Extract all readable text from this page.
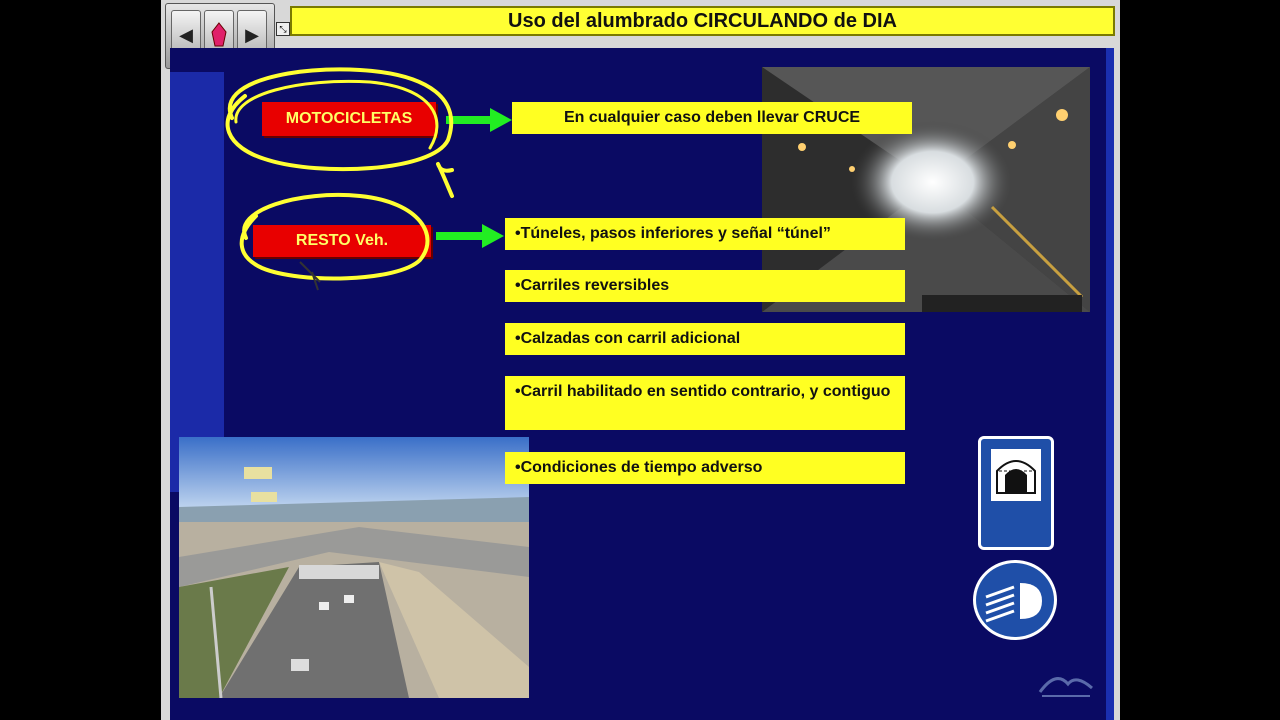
◀	▶	⤡	Uso del alumbrado CIRCULANDO de DIA
MOTOCICLETAS
RESTO Veh.
En cualquier caso deben llevar CRUCE
•Túneles, pasos inferiores y señal “túnel”
•Carriles reversibles
•Calzadas con carril adicional
•Carril habilitado en sentido contrario, y contiguo
•Condiciones de tiempo adverso
